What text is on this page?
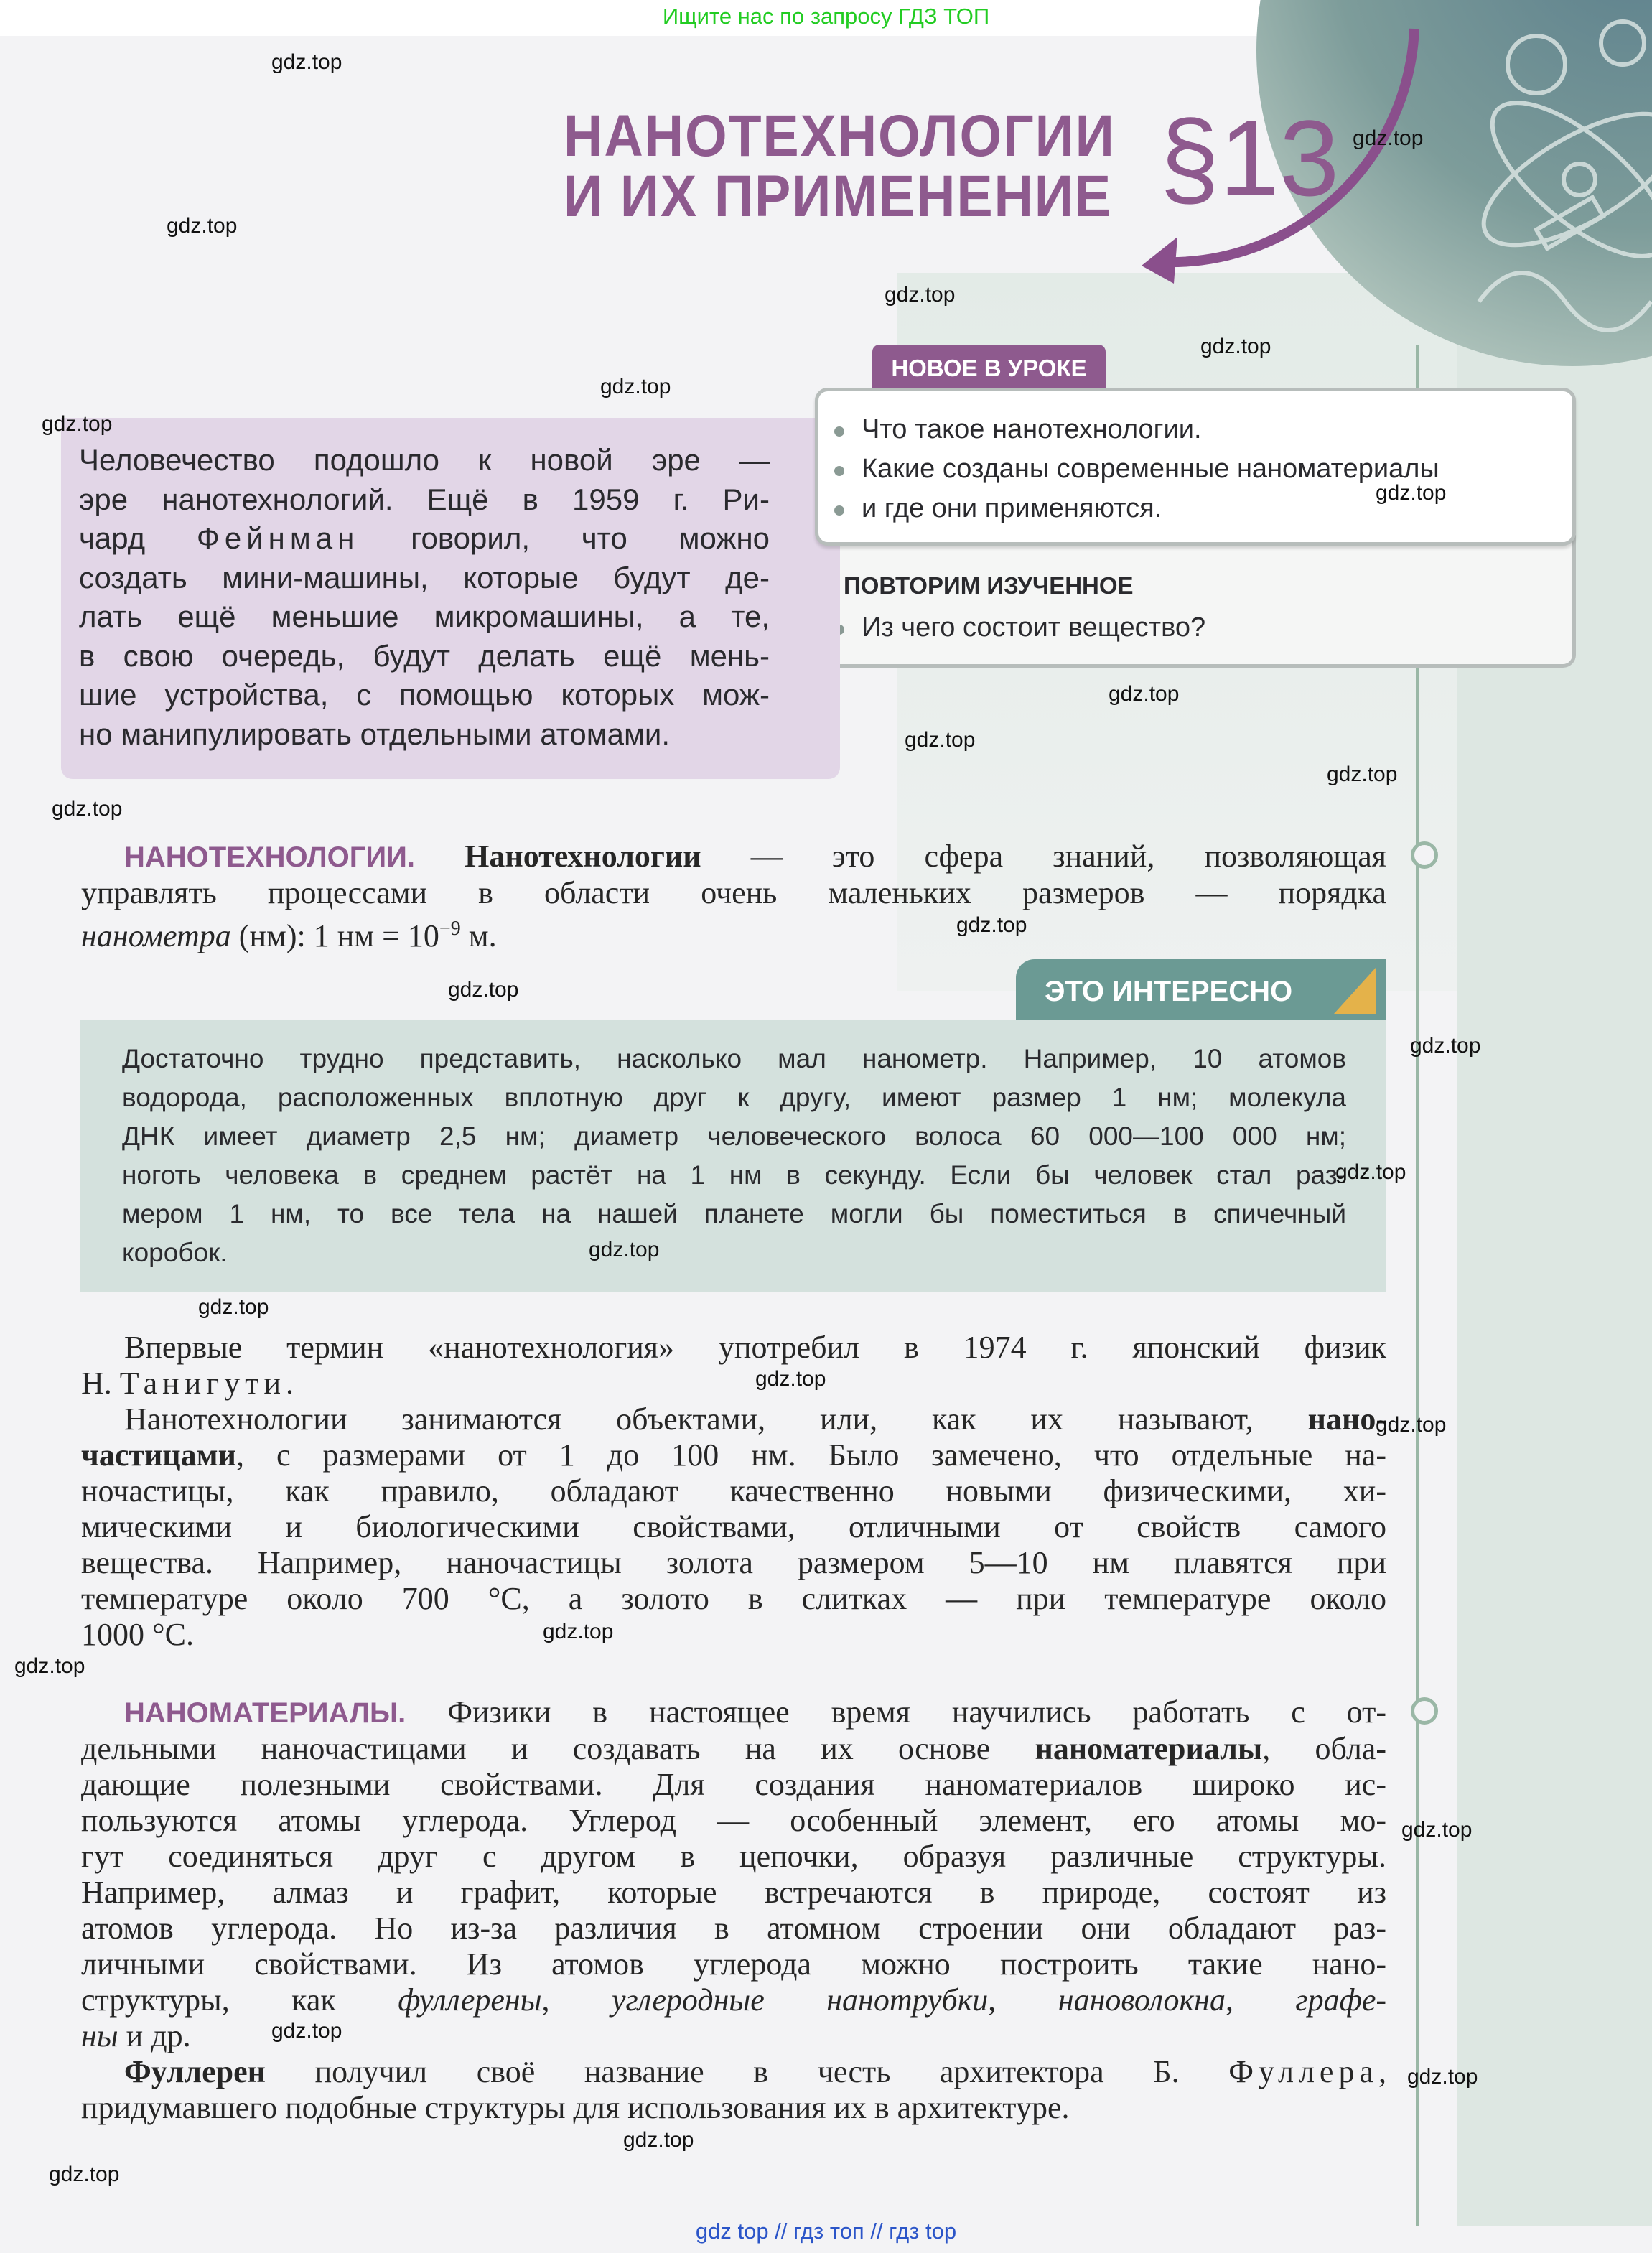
Ищите нас по запросу ГДЗ ТОП
НАНОТЕХНОЛОГИИ
И ИХ ПРИМЕНЕНИЕ §13
НОВОЕ В УРОКЕ
Что такое нанотехнологии.
Какие созданы современные наноматериалы
и где они применяются.
ПОВТОРИМ ИЗУЧЕННОЕ
Из чего состоит вещество?
Человечество подошло к новой эре —
эре нанотехнологий. Ещё в 1959 г. Ри-
чард Фейнман говорил, что можно
создать мини-машины, которые будут де-
лать ещё меньшие микромашины, а те,
в свою очередь, будут делать ещё мень-
шие устройства, с помощью которых мож-
но манипулировать отдельными атомами.
НАНОТЕХНОЛОГИИ. Нанотехнологии — это сфера знаний, позволяющая
управлять процессами в области очень маленьких размеров — порядка
нанометра (нм): 1 нм = $10^{-9}$ м.
ЭТО ИНТЕРЕСНО
Достаточно трудно представить, насколько мал нанометр. Например, 10 атомов
водорода, расположенных вплотную друг к другу, имеют размер 1 нм; молекула
ДНК имеет диаметр 2,5 нм; диаметр человеческого волоса 60 000—100 000 нм;
ноготь человека в среднем растёт на 1 нм в секунду. Если бы человек стал раз-
мером 1 нм, то все тела на нашей планете могли бы поместиться в спичечный
коробок.
Впервые термин «нанотехнология» употребил в 1974 г. японский физик
Н. Танигути.
Нанотехнологии занимаются объектами, или, как их называют, нано-
частицами, с размерами от 1 до 100 нм. Было замечено, что отдельные на-
ночастицы, как правило, обладают качественно новыми физическими, хи-
мическими и биологическими свойствами, отличными от свойств самого
вещества. Например, наночастицы золота размером 5—10 нм плавятся при
температуре около 700 °С, а золото в слитках — при температуре около
1000 °С.
НАНОМАТЕРИАЛЫ. Физики в настоящее время научились работать с от-
дельными наночастицами и создавать на их основе наноматериалы, обла-
дающие полезными свойствами. Для создания наноматериалов широко ис-
пользуются атомы углерода. Углерод — особенный элемент, его атомы мо-
гут соединяться друг с другом в цепочки, образуя различные структуры.
Например, алмаз и графит, которые встречаются в природе, состоят из
атомов углерода. Но из-за различия в атомном строении они обладают раз-
личными свойствами. Из атомов углерода можно построить такие нано-
структуры, как фуллерены, углеродные нанотрубки, нановолокна, графе-
ны и др.
Фуллерен получил своё название в честь архитектора Б. Фуллера,
придумавшего подобные структуры для использования их в архитектуре.
gdz.top
gdz.top
gdz.top
gdz.top
gdz.top
gdz.top
gdz.top
gdz.top
gdz.top
gdz.top
gdz.top
gdz.top
gdz.top
gdz.top
gdz.top
gdz.top
gdz.top
gdz.top
gdz.top
gdz.top
gdz.top
gdz.top
gdz.top
gdz.top
gdz.top
gdz.top
gdz.top
gdz top // гдз топ // гдз top
